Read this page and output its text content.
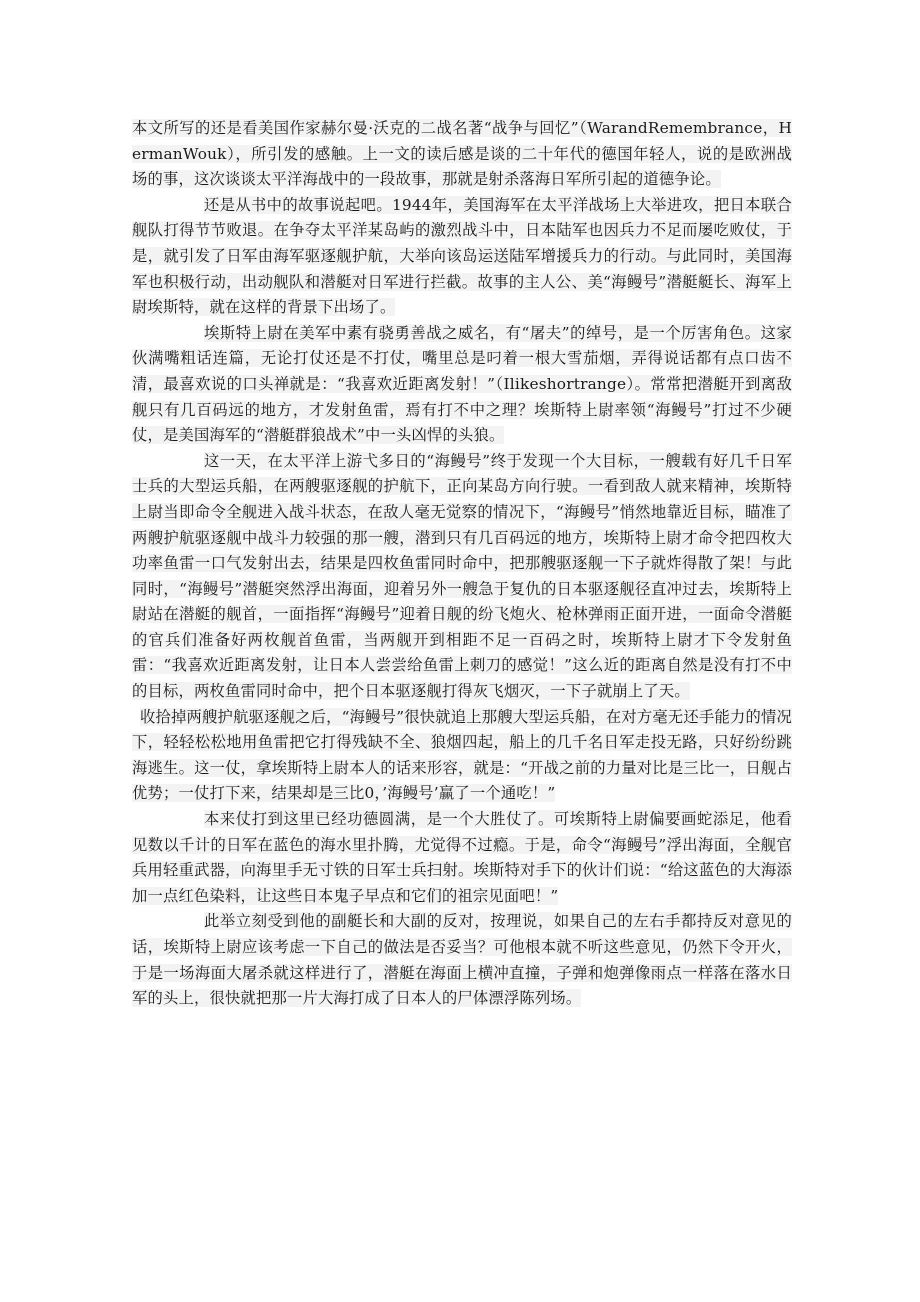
本文所写的还是看美国作家赫尔曼·沃克的二战名著“战争与回忆”（WarandRemembrance，HermanWouk），所引发的感触。上一文的读后感是谈的二十年代的德国年轻人，说的是欧洲战场的事，这次谈谈太平洋海战中的一段故事，那就是射杀落海日军所引起的道德争论。

还是从书中的故事说起吧。1944年，美国海军在太平洋战场上大举进攻，把日本联合舰队打得节节败退。在争夺太平洋某岛屿的激烈战斗中，日本陆军也因兵力不足而屡吃败仗，于是，就引发了日军由海军驱逐舰护航，大举向该岛运送陆军增援兵力的行动。与此同时，美国海军也积极行动，出动舰队和潜艇对日军进行拦截。故事的主人公、美“海鳗号”潜艇艇长、海军上尉埃斯特，就在这样的背景下出场了。

埃斯特上尉在美军中素有骁勇善战之威名，有“屠夫”的绰号，是一个厉害角色。这家伙满嘴粗话连篇，无论打仗还是不打仗，嘴里总是叼着一根大雪茄烟，弄得说话都有点口齿不清，最喜欢说的口头禅就是：“我喜欢近距离发射！”（Ilikeshortrange）。常常把潜艇开到离敌舰只有几百码远的地方，才发射鱼雷，焉有打不中之理？埃斯特上尉率领“海鳗号”打过不少硬仗，是美国海军的“潜艇群狼战术”中一头凶悍的头狼。

这一天，在太平洋上游弋多日的“海鳗号”终于发现一个大目标，一艘载有好几千日军士兵的大型运兵船，在两艘驱逐舰的护航下，正向某岛方向行驶。一看到敌人就来精神，埃斯特上尉当即命令全舰进入战斗状态，在敌人毫无觉察的情况下，“海鳗号”悄然地靠近目标，瞄准了两艘护航驱逐舰中战斗力较强的那一艘，潜到只有几百码远的地方，埃斯特上尉才命令把四枚大功率鱼雷一口气发射出去，结果是四枚鱼雷同时命中，把那艘驱逐舰一下子就炸得散了架！与此同时，“海鳗号”潜艇突然浮出海面，迎着另外一艘急于复仇的日本驱逐舰径直冲过去，埃斯特上尉站在潜艇的舰首，一面指挥“海鳗号”迎着日舰的纷飞炮火、枪林弹雨正面开进，一面命令潜艇的官兵们准备好两枚舰首鱼雷，当两舰开到相距不足一百码之时，埃斯特上尉才下令发射鱼雷：“我喜欢近距离发射，让日本人尝尝给鱼雷上刺刀的感觉！”这么近的距离自然是没有打不中的目标，两枚鱼雷同时命中，把个日本驱逐舰打得灰飞烟灭，一下子就崩上了天。

收拾掉两艘护航驱逐舰之后，“海鳗号”很快就追上那艘大型运兵船，在对方毫无还手能力的情况下，轻轻松松地用鱼雷把它打得残缺不全、狼烟四起，船上的几千名日军走投无路，只好纷纷跳海逃生。这一仗，拿埃斯特上尉本人的话来形容，就是：“开战之前的力量对比是三比一，日舰占优势；一仗打下来，结果却是三比0，’海鳗号’赢了一个通吃！”

本来仗打到这里已经功德圆满，是一个大胜仗了。可埃斯特上尉偏要画蛇添足，他看见数以千计的日军在蓝色的海水里扑腾，尤觉得不过瘾。于是，命令“海鳗号”浮出海面，全舰官兵用轻重武器，向海里手无寸铁的日军士兵扫射。埃斯特对手下的伙计们说：“给这蓝色的大海添加一点红色染料，让这些日本鬼子早点和它们的祖宗见面吧！”

此举立刻受到他的副艇长和大副的反对，按理说，如果自己的左右手都持反对意见的话，埃斯特上尉应该考虑一下自己的做法是否妥当？可他根本就不听这些意见，仍然下令开火，于是一场海面大屠杀就这样进行了，潜艇在海面上横冲直撞，子弹和炮弹像雨点一样落在落水日军的头上，很快就把那一片大海打成了日本人的尸体漂浮陈列场。
